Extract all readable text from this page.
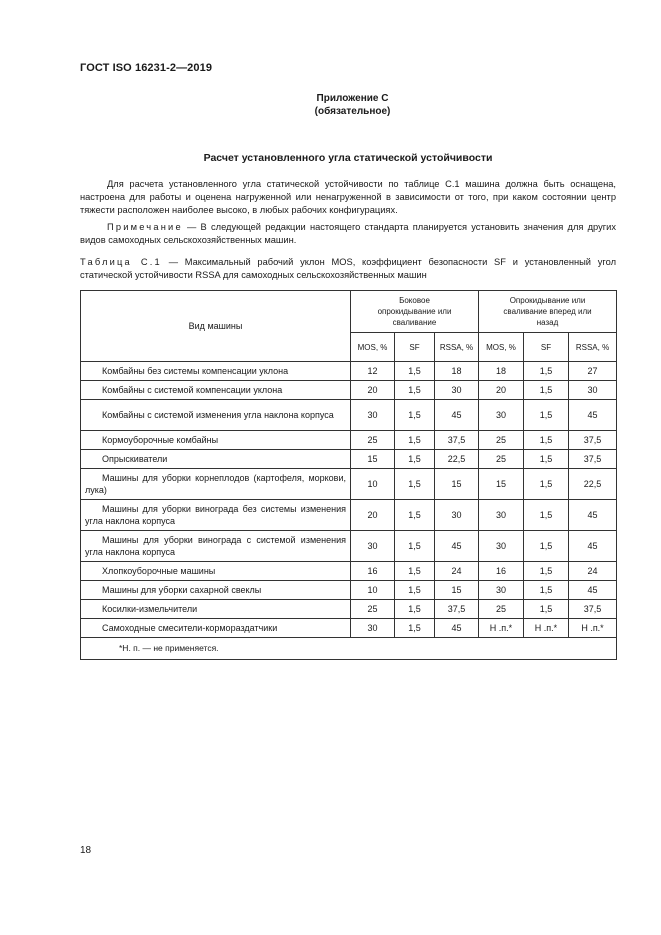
ГОСТ ISO 16231-2—2019
Приложение С
(обязательное)
Расчет установленного угла статической устойчивости
Для расчета установленного угла статической устойчивости по таблице С.1 машина должна быть оснащена, настроена для работы и оценена нагруженной или ненагруженной в зависимости от того, при каком состоянии центр тяжести расположен наиболее высоко, в любых рабочих конфигурациях.
Примечание — В следующей редакции настоящего стандарта планируется установить значения для других видов самоходных сельскохозяйственных машин.
Таблица С.1 — Максимальный рабочий уклон MOS, коэффициент безопасности SF и установленный угол статической устойчивости RSSA для самоходных сельскохозяйственных машин
Вид машины	Боковое опрокидывание или сваливание			Опрокидывание или сваливание вперед или назад		
	MOS, %	SF	RSSA, %	MOS, %	SF	RSSA, %
Комбайны без системы компенсации уклона	12	1,5	18	18	1,5	27
Комбайны с системой компенсации уклона	20	1,5	30	20	1,5	30
Комбайны с системой изменения угла наклона корпуса	30	1,5	45	30	1,5	45
Кормоуборочные комбайны	25	1,5	37,5	25	1,5	37,5
Опрыскиватели	15	1,5	22,5	25	1,5	37,5
Машины для уборки корнеплодов (картофеля, моркови, лука)	10	1,5	15	15	1,5	22,5
Машины для уборки винограда без системы изменения угла наклона корпуса	20	1,5	30	30	1,5	45
Машины для уборки винограда с системой изменения угла наклона корпуса	30	1,5	45	30	1,5	45
Хлопкоуборочные машины	16	1,5	24	16	1,5	24
Машины для уборки сахарной свеклы	10	1,5	15	30	1,5	45
Косилки-измельчители	25	1,5	37,5	25	1,5	37,5
Самоходные смесители-кормораздатчики	30	1,5	45	Н .п.*	Н .п.*	Н .п.*
*Н. п. — не применяется.						
18
